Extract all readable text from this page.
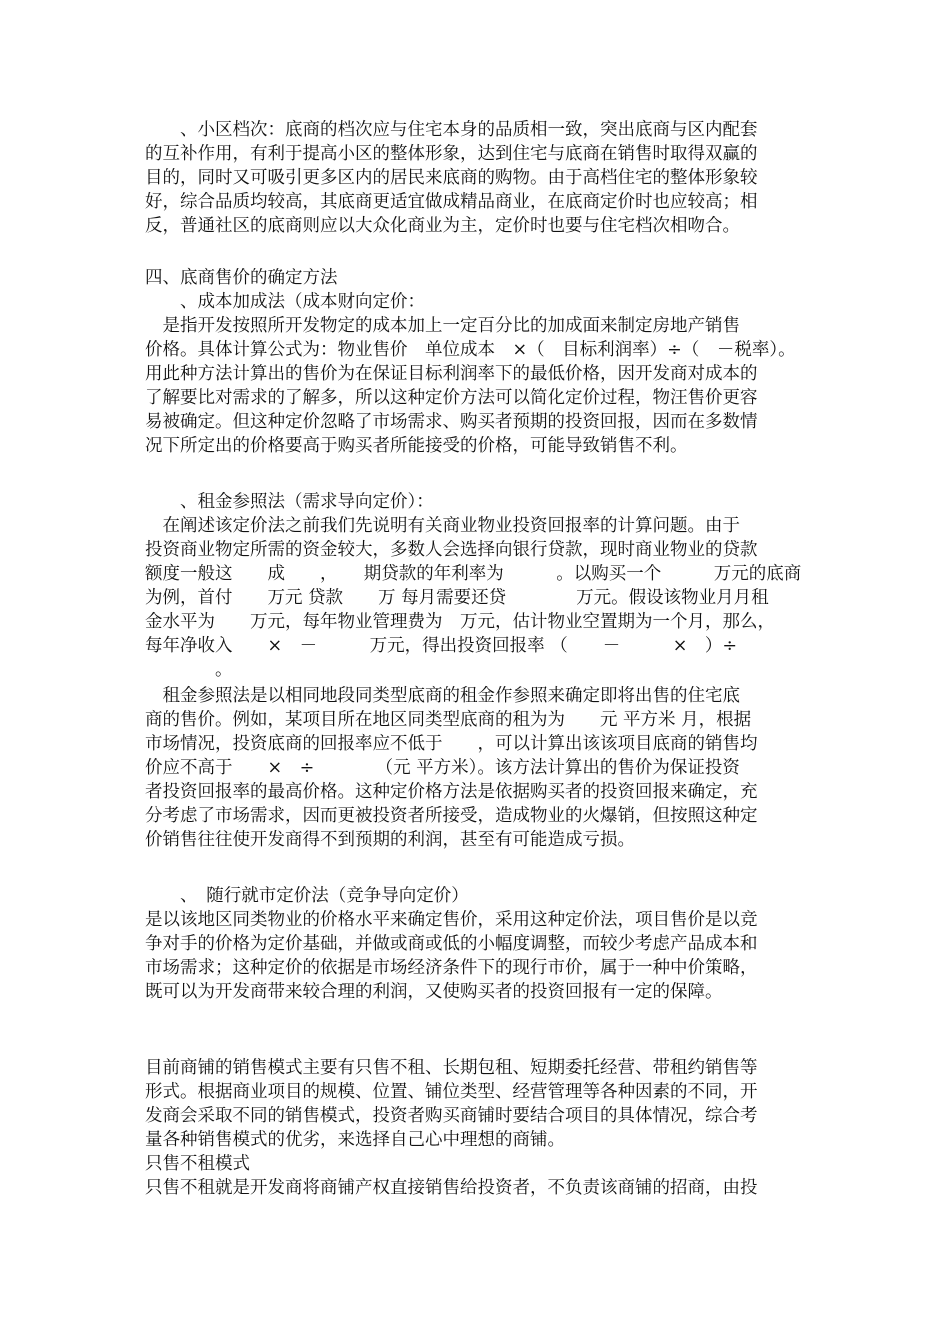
　　、小区档次：底商的档次应与住宅本身的品质相一致，突出底商与区内配套

的互补作用，有利于提高小区的整体形象，达到住宅与底商在销售时取得双赢的

目的，同时又可吸引更多区内的居民来底商的购物。由于高档住宅的整体形象较

好，综合品质均较高，其底商更适宜做成精品商业，在底商定价时也应较高；相

反，普通社区的底商则应以大众化商业为主，定价时也要与住宅档次相吻合。

四、底商售价的确定方法

　　、成本加成法（成本财向定价：

　是指开发按照所开发物定的成本加上一定百分比的加成面来制定房地产销售

价格。具体计算公式为：物业售价　单位成本　×（　目标利润率）÷（　－税率）。

用此种方法计算出的售价为在保证目标利润率下的最低价格，因开发商对成本的

了解要比对需求的了解多，所以这种定价方法可以简化定价过程，物汪售价更容

易被确定。但这种定价忽略了市场需求、购买者预期的投资回报，因而在多数情

况下所定出的价格要高于购买者所能接受的价格，可能导致销售不利。

　　、租金参照法（需求导向定价）：

　在阐述该定价法之前我们先说明有关商业物业投资回报率的计算问题。由于

投资商业物定所需的资金较大，多数人会选择向银行贷款，现时商业物业的贷款

额度一般这　　成　　，　　期贷款的年利率为　　　。以购买一个　　　万元的底商

为例，首付　　万元 贷款　　万 每月需要还贷　　　　万元。假设该物业月月租

金水平为　　万元，每年物业管理费为　万元，估计物业空置期为一个月，那么，

每年净收入　　×　－　　　万元，得出投资回报率 （　　－　　　×　）÷

　　　　。

　租金参照法是以相同地段同类型底商的租金作参照来确定即将出售的住宅底

商的售价。例如，某项目所在地区同类型底商的租为为　　元 平方米 月，根据

市场情况，投资底商的回报率应不低于　　，可以计算出该该项目底商的销售均

价应不高于　　×　÷　　　　（元 平方米）。该方法计算出的售价为保证投资

者投资回报率的最高价格。这种定价格方法是依据购买者的投资回报来确定，充

分考虑了市场需求，因而更被投资者所接受，造成物业的火爆销，但按照这种定

价销售往往使开发商得不到预期的利润，甚至有可能造成亏损。

　　、　随行就市定价法（竞争导向定价）

是以该地区同类物业的价格水平来确定售价，采用这种定价法，项目售价是以竞

争对手的价格为定价基础，并做或商或低的小幅度调整，而较少考虑产品成本和

市场需求；这种定价的依据是市场经济条件下的现行市价，属于一种中价策略，

既可以为开发商带来较合理的利润，又使购买者的投资回报有一定的保障。

目前商铺的销售模式主要有只售不租、长期包租、短期委托经营、带租约销售等

形式。根据商业项目的规模、位置、铺位类型、经营管理等各种因素的不同，开

发商会采取不同的销售模式，投资者购买商铺时要结合项目的具体情况，综合考

量各种销售模式的优劣，来选择自己心中理想的商铺。

只售不租模式

只售不租就是开发商将商铺产权直接销售给投资者，不负责该商铺的招商，由投
